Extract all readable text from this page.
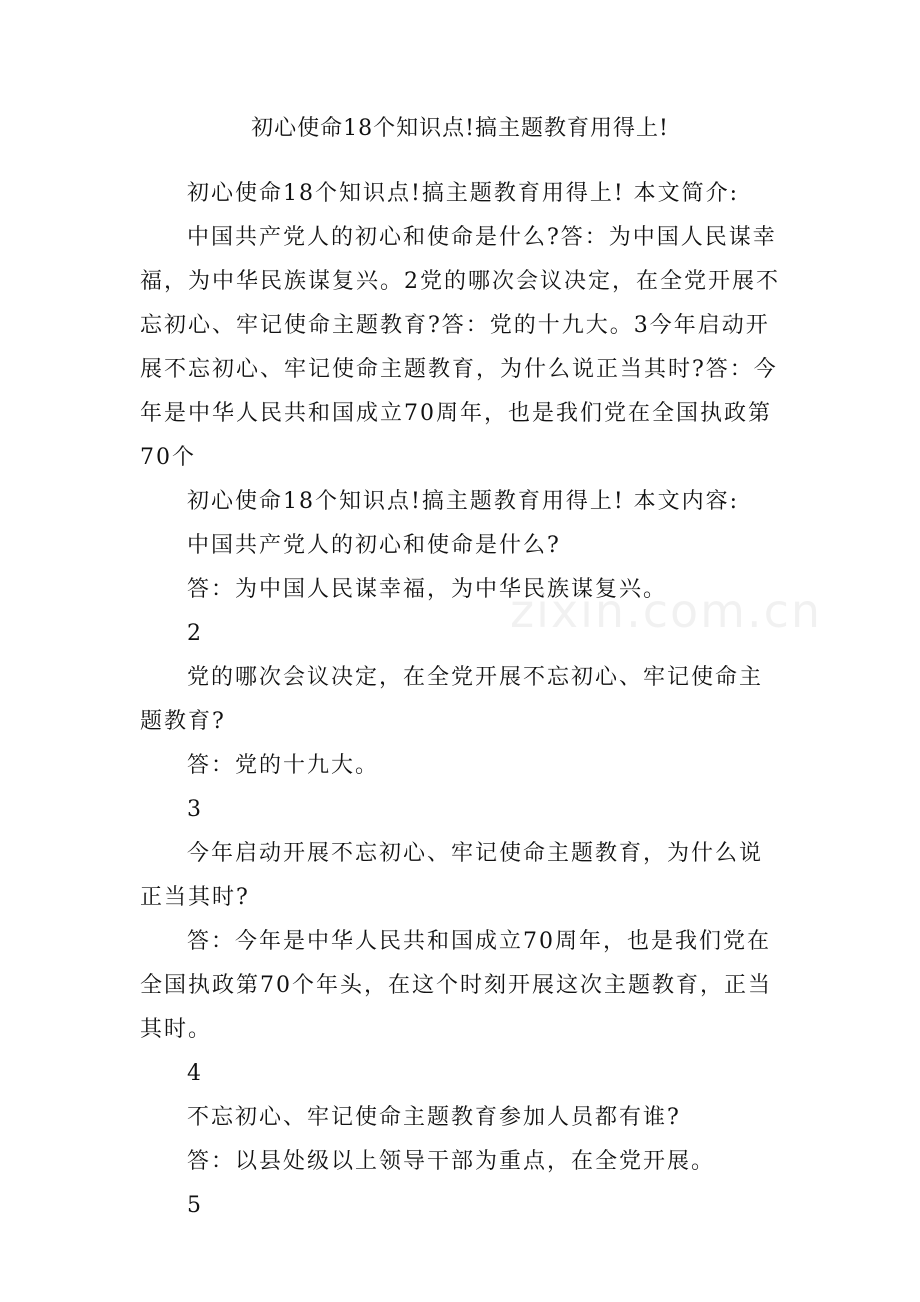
初心使命18个知识点!搞主题教育用得上!

初心使命18个知识点!搞主题教育用得上! 本文简介:

中国共产党人的初心和使命是什么?答：为中国人民谋幸福，为中华民族谋复兴。2党的哪次会议决定，在全党开展不忘初心、牢记使命主题教育?答：党的十九大。3今年启动开展不忘初心、牢记使命主题教育，为什么说正当其时?答：今年是中华人民共和国成立70周年，也是我们党在全国执政第70个

初心使命18个知识点!搞主题教育用得上! 本文内容:

中国共产党人的初心和使命是什么?

答：为中国人民谋幸福，为中华民族谋复兴。

2

党的哪次会议决定，在全党开展不忘初心、牢记使命主题教育?

答：党的十九大。

3

今年启动开展不忘初心、牢记使命主题教育，为什么说正当其时?

答：今年是中华人民共和国成立70周年，也是我们党在全国执政第70个年头，在这个时刻开展这次主题教育，正当其时。

4

不忘初心、牢记使命主题教育参加人员都有谁?

答：以县处级以上领导干部为重点，在全党开展。

5

zixin.com.cn
